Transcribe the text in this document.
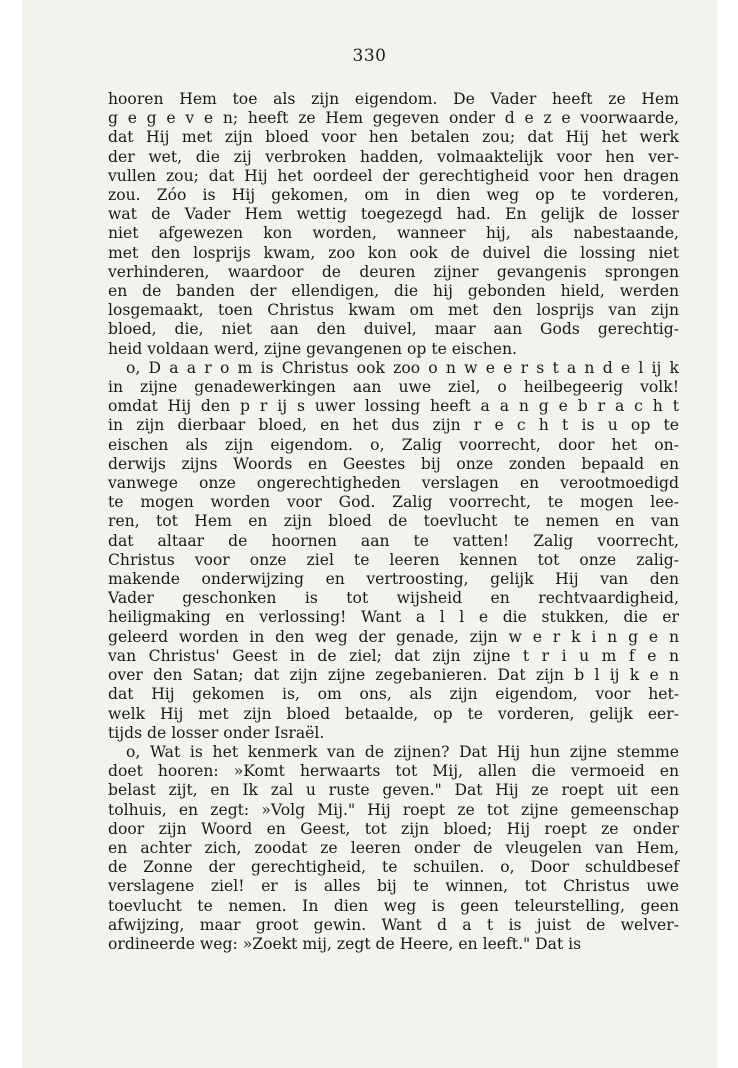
330
hooren Hem toe als zijn eigendom. De Vader heeft ze Hem
g e g e v e n; heeft ze Hem gegeven onder d e z e voorwaarde,
dat Hij met zijn bloed voor hen betalen zou; dat Hij het werk
der wet, die zij verbroken hadden, volmaaktelijk voor hen ver-
vullen zou; dat Hij het oordeel der gerechtigheid voor hen dragen
zou. Zóo is Hij gekomen, om in dien weg op te vorderen,
wat de Vader Hem wettig toegezegd had. En gelijk de losser
niet afgewezen kon worden, wanneer hij, als nabestaande,
met den losprijs kwam, zoo kon ook de duivel die lossing niet
verhinderen, waardoor de deuren zijner gevangenis sprongen
en de banden der ellendigen, die hij gebonden hield, werden
losgemaakt, toen Christus kwam om met den losprijs van zijn
bloed, die, niet aan den duivel, maar aan Gods gerechtig-
heid voldaan werd, zijne gevangenen op te eischen.
o, D a a r o m is Christus ook zoo o n w e e r s t a n d e l ij k
in zijne genadewerkingen aan uwe ziel, o heilbegeerig volk!
omdat Hij den p r ij s uwer lossing heeft a a n g e b r a c h t
in zijn dierbaar bloed, en het dus zijn r e c h t is u op te
eischen als zijn eigendom. o, Zalig voorrecht, door het on-
derwijs zijns Woords en Geestes bij onze zonden bepaald en
vanwege onze ongerechtigheden verslagen en verootmoedigd
te mogen worden voor God. Zalig voorrecht, te mogen lee-
ren, tot Hem en zijn bloed de toevlucht te nemen en van
dat altaar de hoornen aan te vatten! Zalig voorrecht,
Christus voor onze ziel te leeren kennen tot onze zalig-
makende onderwijzing en vertroosting, gelijk Hij van den
Vader geschonken is tot wijsheid en rechtvaardigheid,
heiligmaking en verlossing! Want a l l e die stukken, die er
geleerd worden in den weg der genade, zijn w e r k i n g e n
van Christus' Geest in de ziel; dat zijn zijne t r i u m f e n
over den Satan; dat zijn zijne zegebanieren. Dat zijn b l ij k e n
dat Hij gekomen is, om ons, als zijn eigendom, voor het-
welk Hij met zijn bloed betaalde, op te vorderen, gelijk eer-
tijds de losser onder Israël.
o, Wat is het kenmerk van de zijnen? Dat Hij hun zijne stemme
doet hooren: »Komt herwaarts tot Mij, allen die vermoeid en
belast zijt, en Ik zal u ruste geven." Dat Hij ze roept uit een
tolhuis, en zegt: »Volg Mij." Hij roept ze tot zijne gemeenschap
door zijn Woord en Geest, tot zijn bloed; Hij roept ze onder
en achter zich, zoodat ze leeren onder de vleugelen van Hem,
de Zonne der gerechtigheid, te schuilen. o, Door schuldbesef
verslagene ziel! er is alles bij te winnen, tot Christus uwe
toevlucht te nemen. In dien weg is geen teleurstelling, geen
afwijzing, maar groot gewin. Want d a t is juist de welver-
ordineerde weg: »Zoekt mij, zegt de Heere, en leeft." Dat is
